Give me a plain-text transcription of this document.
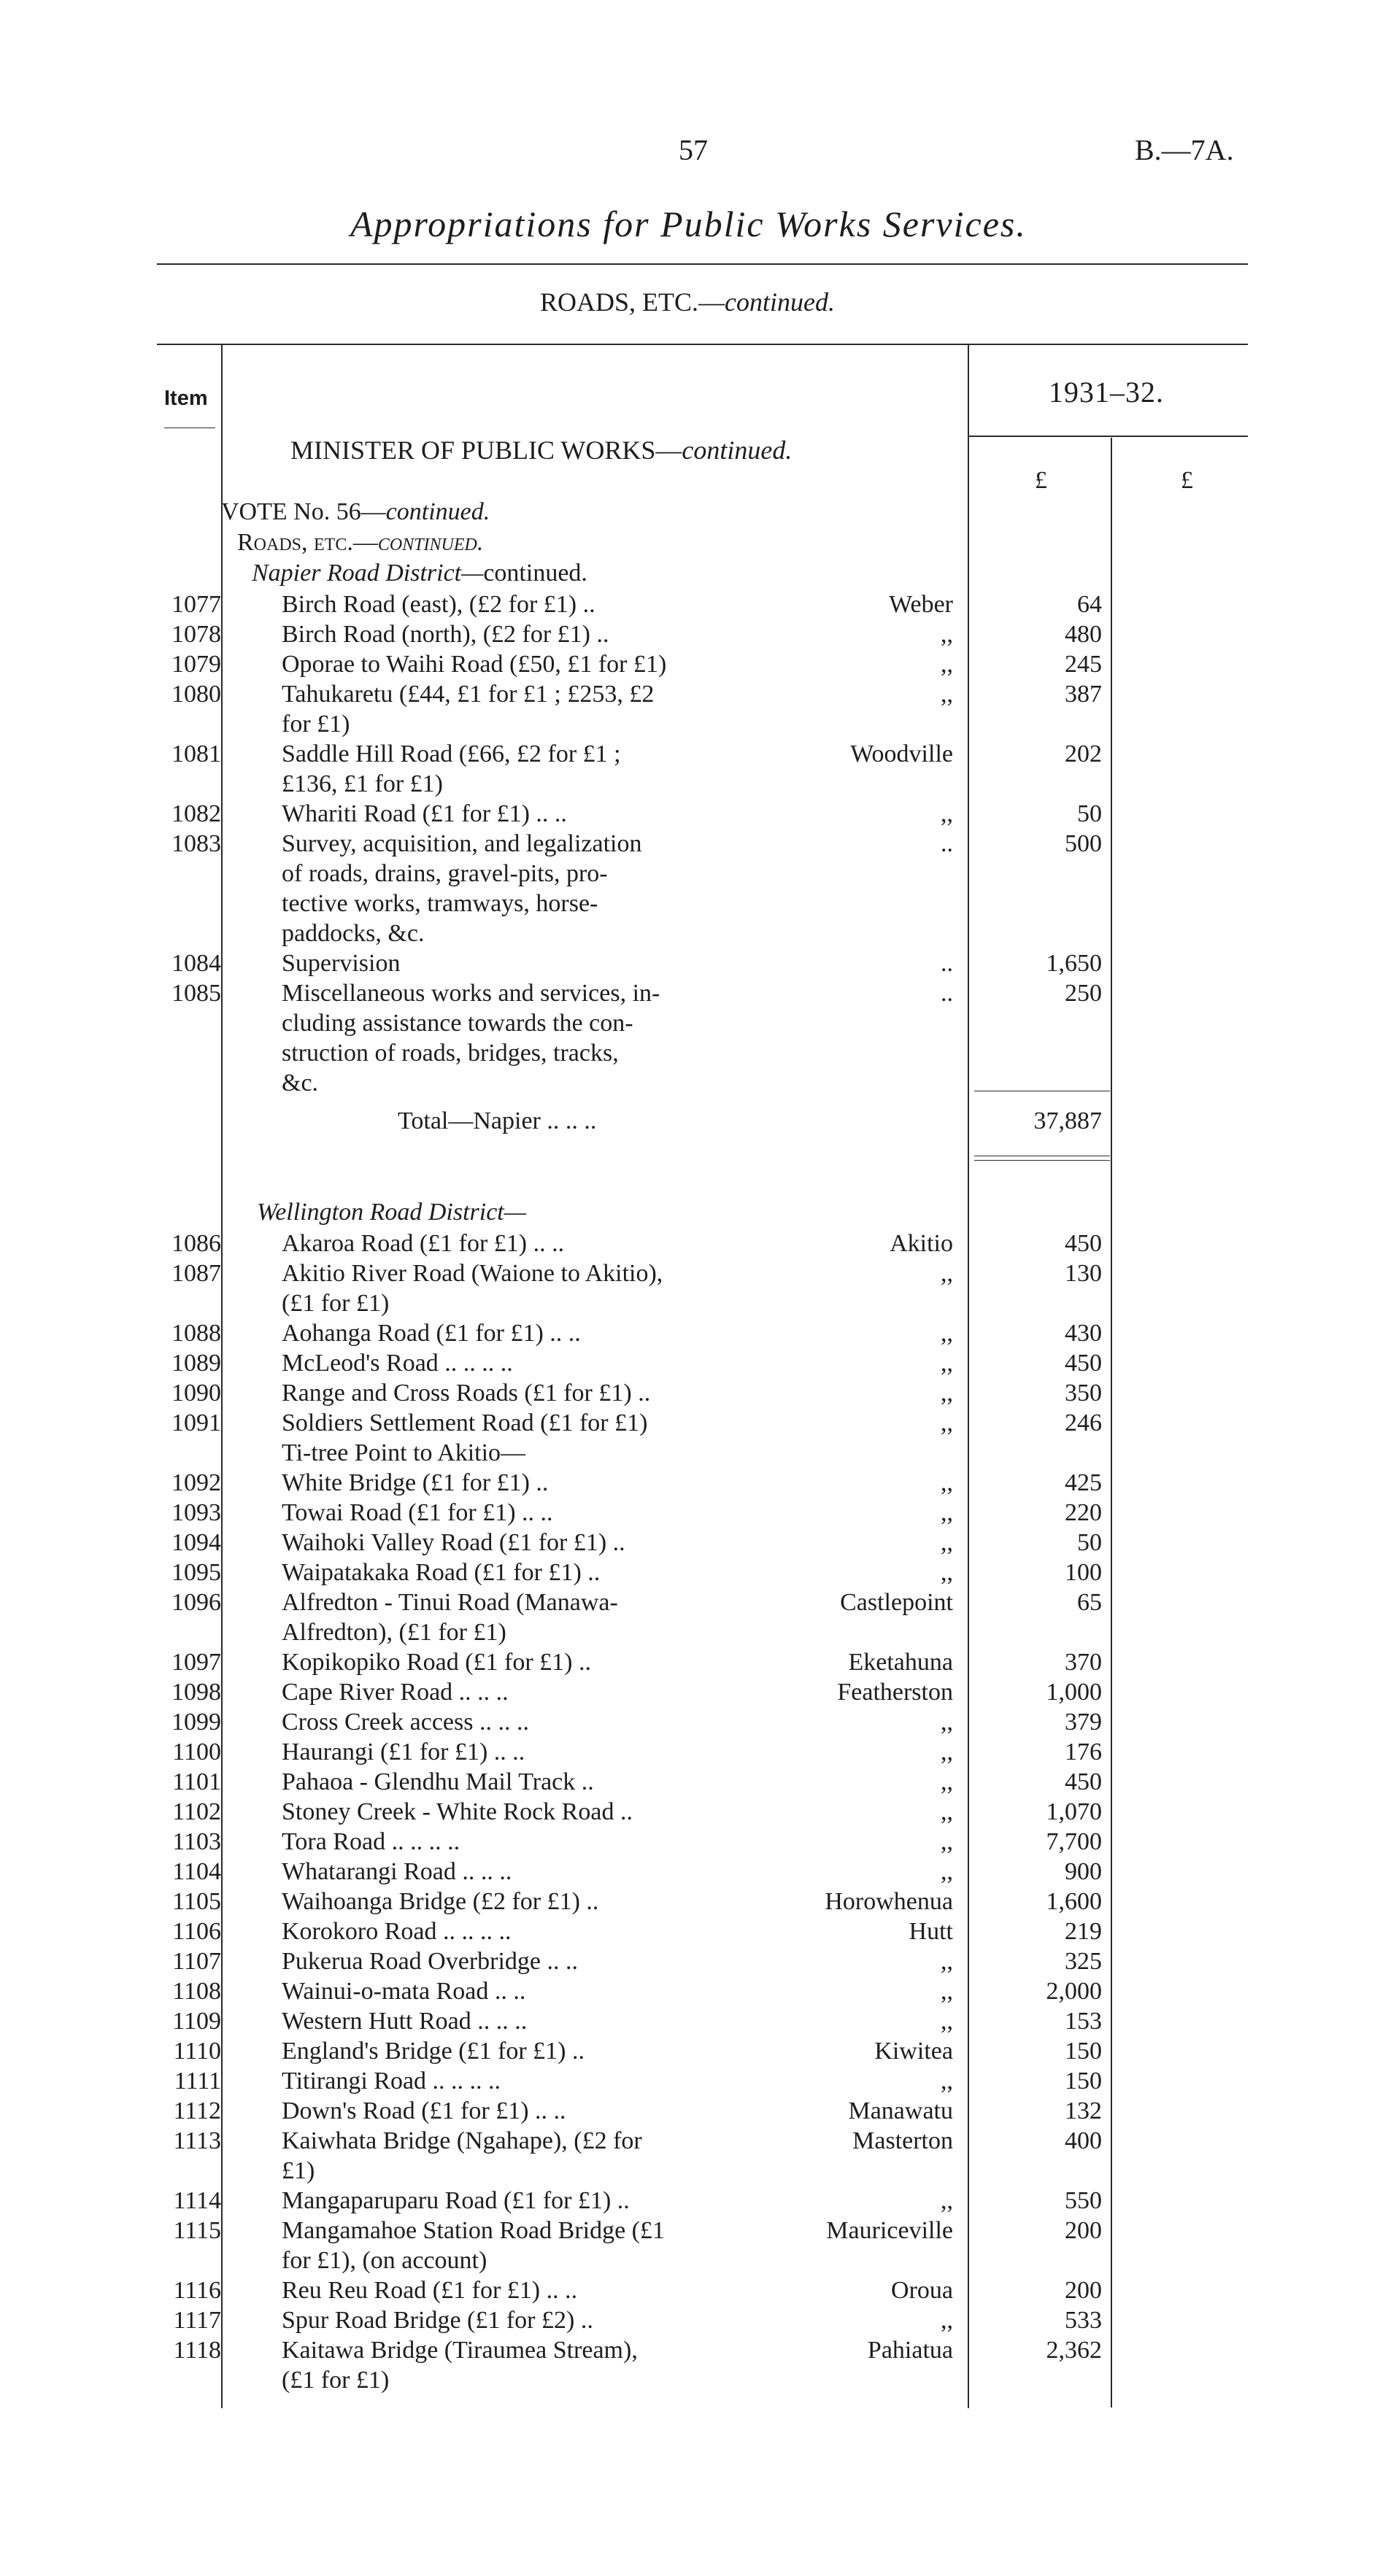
57	B.—7A.
Appropriations for Public Works Services.
ROADS, ETC.—continued.
Item	1931–32.
£	£
MINISTER OF PUBLIC WORKS—continued.
VOTE No. 56—continued.
Roads, etc.—continued.
Napier Road District—continued.
1077 Birch Road (east), (£2 for £1) ..	Weber	64
1078 Birch Road (north), (£2 for £1) ..	,,	480
1079 Oporae to Waihi Road (£50, £1 for £1)	,,	245
1080 Tahukaretu (£44, £1 for £1 ; £253, £2
for £1)
,,	387
1081 Saddle Hill Road (£66, £2 for £1 ;
£136, £1 for £1)
Woodville	202
1082 Whariti Road (£1 for £1) .. ..	,,	50
1083 Survey, acquisition, and legalization
of roads, drains, gravel-pits, pro-
tective works, tramways, horse-
paddocks, &c.
..	500
1084 Supervision	..	1,650
1085 Miscellaneous works and services, in-
cluding assistance towards the con-
struction of roads, bridges, tracks,
&c.
..	250
Total—Napier .. .. ..	37,887
Wellington Road District—
1086 Akaroa Road (£1 for £1) .. ..	Akitio	450
1087 Akitio River Road (Waione to Akitio),
(£1 for £1)
,,	130
1088 Aohanga Road (£1 for £1) .. ..	,,	430
1089 McLeod's Road .. .. .. ..	,,	450
1090 Range and Cross Roads (£1 for £1) ..	,,	350
1091 Soldiers Settlement Road (£1 for £1)
Ti-tree Point to Akitio—
,,	246
1092 White Bridge (£1 for £1) ..	,,	425
1093 Towai Road (£1 for £1) .. ..	,,	220
1094 Waihoki Valley Road (£1 for £1) ..	,,	50
1095 Waipatakaka Road (£1 for £1) ..	,,	100
1096 Alfredton - Tinui Road (Manawa-
Alfredton), (£1 for £1)
Castlepoint	65
1097 Kopikopiko Road (£1 for £1) ..	Eketahuna	370
1098 Cape River Road .. .. ..	Featherston	1,000
1099 Cross Creek access .. .. ..	,,	379
1100 Haurangi (£1 for £1) .. ..	,,	176
1101 Pahaoa - Glendhu Mail Track ..	,,	450
1102 Stoney Creek - White Rock Road ..	,,	1,070
1103 Tora Road .. .. .. ..	,,	7,700
1104 Whatarangi Road .. .. ..	,,	900
1105 Waihoanga Bridge (£2 for £1) ..	Horowhenua	1,600
1106 Korokoro Road .. .. .. ..	Hutt	219
1107 Pukerua Road Overbridge .. ..	,,	325
1108 Wainui-o-mata Road .. ..	,,	2,000
1109 Western Hutt Road .. .. ..	,,	153
1110 England's Bridge (£1 for £1) ..	Kiwitea	150
1111 Titirangi Road .. .. .. ..	,,	150
1112 Down's Road (£1 for £1) .. ..	Manawatu	132
1113 Kaiwhata Bridge (Ngahape), (£2 for
£1)
Masterton	400
1114 Mangaparuparu Road (£1 for £1) ..	,,	550
1115 Mangamahoe Station Road Bridge (£1
for £1), (on account)
Mauriceville	200
1116 Reu Reu Road (£1 for £1) .. ..	Oroua	200
1117 Spur Road Bridge (£1 for £2) ..	,,	533
1118 Kaitawa Bridge (Tiraumea Stream),
(£1 for £1)
Pahiatua	2,362
